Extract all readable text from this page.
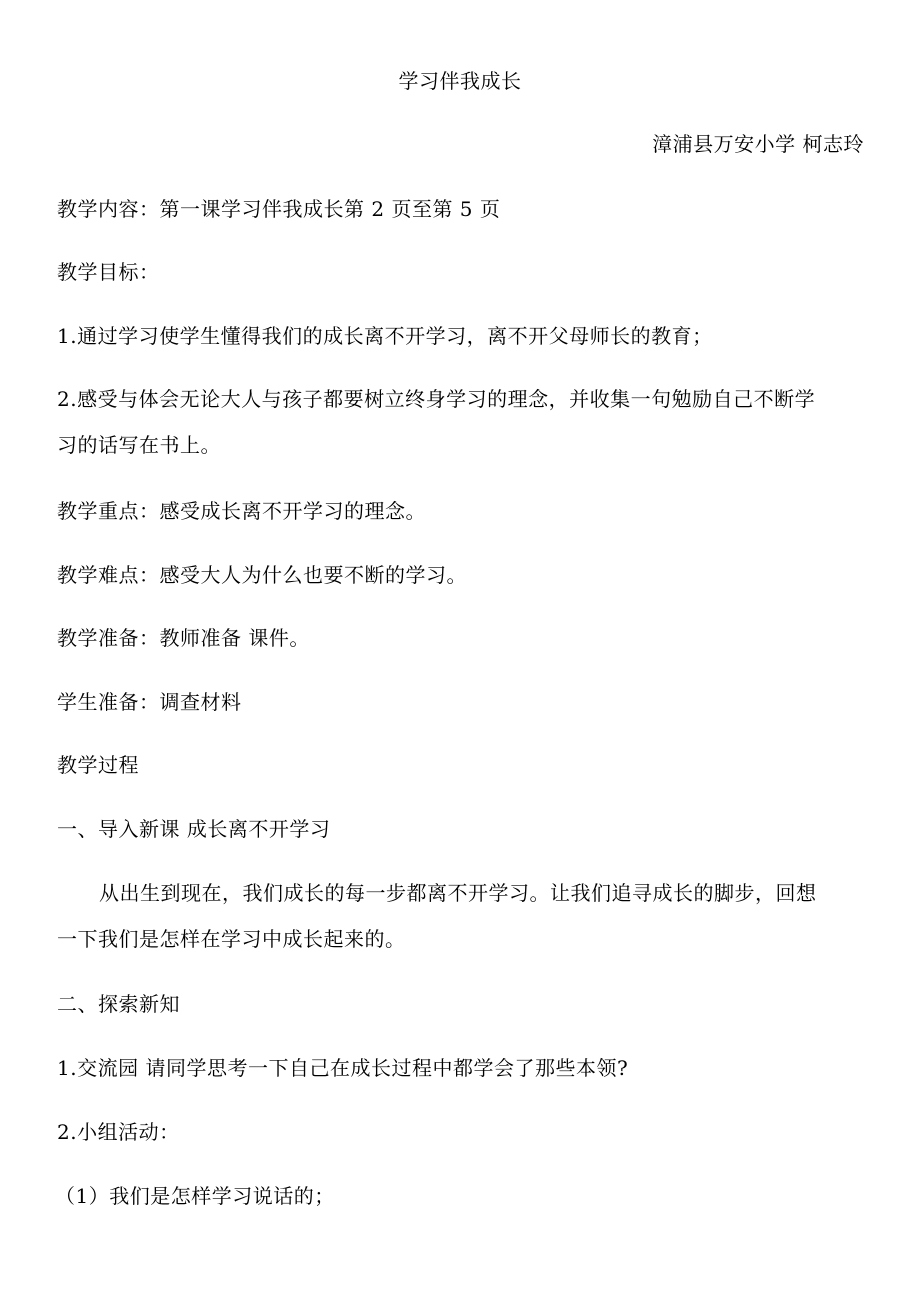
学习伴我成长
漳浦县万安小学 柯志玲
教学内容：第一课学习伴我成长第 2 页至第 5 页
教学目标：
1.通过学习使学生懂得我们的成长离不开学习，离不开父母师长的教育；
2.感受与体会无论大人与孩子都要树立终身学习的理念，并收集一句勉励自己不断学
习的话写在书上。
教学重点：感受成长离不开学习的理念。
教学难点：感受大人为什么也要不断的学习。
教学准备：教师准备 课件。
学生准备：调查材料
教学过程
一、导入新课 成长离不开学习
从出生到现在，我们成长的每一步都离不开学习。让我们追寻成长的脚步，回想
一下我们是怎样在学习中成长起来的。
二、探索新知
1.交流园 请同学思考一下自己在成长过程中都学会了那些本领?
2.小组活动：
（1）我们是怎样学习说话的；
